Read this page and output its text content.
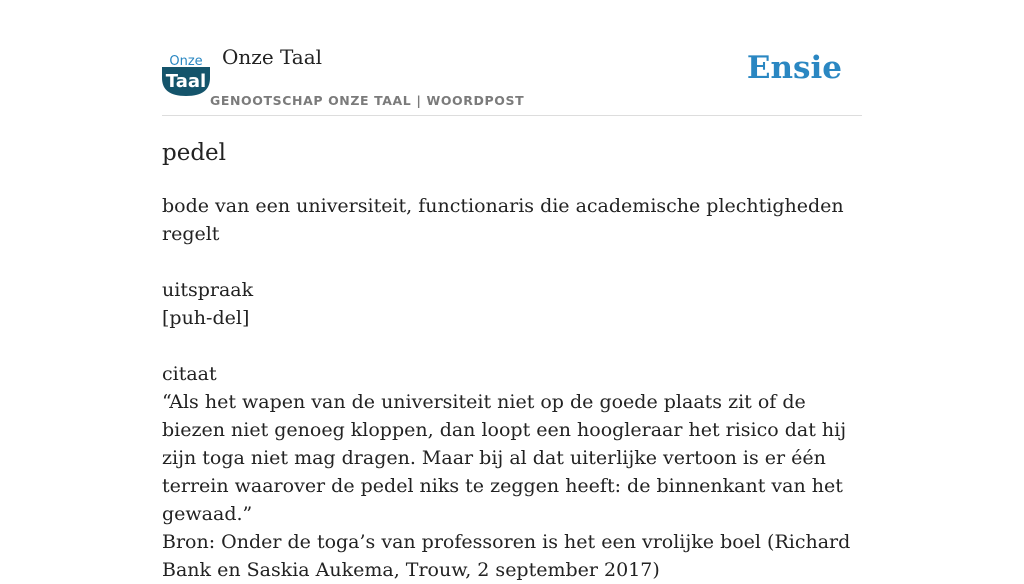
Onze
Taal
Onze Taal
GENOOTSCHAP ONZE TAAL | WOORDPOST
Ensie
pedel

bode van een universiteit, functionaris die academische plechtigheden regelt

uitspraak

[puh-del]

citaat

“Als het wapen van de universiteit niet op de goede plaats zit of de biezen niet genoeg kloppen, dan loopt een hoogleraar het risico dat hij zijn toga niet mag dragen. Maar bij al dat uiterlijke vertoon is er één terrein waarover de pedel niks te zeggen heeft: de binnenkant van het gewaad.”

Bron: Onder de toga’s van professoren is het een vrolijke boel (Richard Bank en Saskia Aukema, Trouw, 2 september 2017)
